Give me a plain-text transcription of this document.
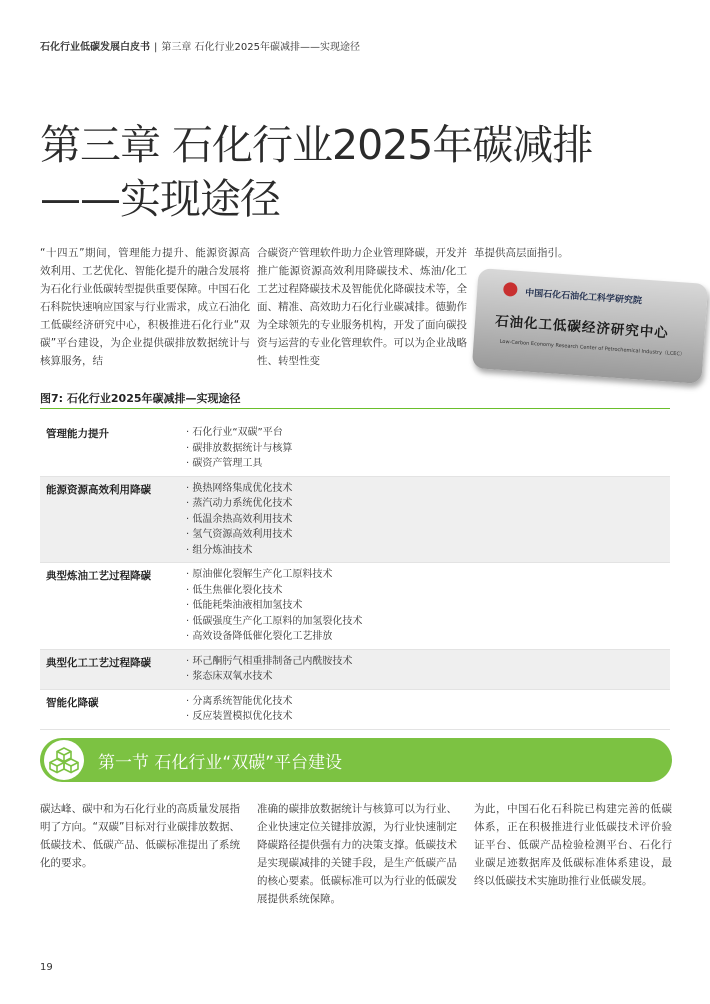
石化行业低碳发展白皮书 | 第三章 石化行业2025年碳减排——实现途径
第三章 石化行业2025年碳减排
——实现途径
“十四五”期间，管理能力提升、能源资源高效利用、工艺优化、智能化提升的融合发展将为石化行业低碳转型提供重要保障。中国石化石科院快速响应国家与行业需求，成立石油化工低碳经济研究中心，积极推进石化行业“双碳”平台建设，为企业提供碳排放数据统计与核算服务，结
合碳资产管理软件助力企业管理降碳，开发并推广能源资源高效利用降碳技术、炼油/化工工艺过程降碳技术及智能优化降碳技术等，全面、精准、高效助力石化行业碳减排。德勤作为全球领先的专业服务机构，开发了面向碳投资与运营的专业化管理软件。可以为企业战略性、转型性变
革提供高层面指引。
中国石化石油化工科学研究院
石油化工低碳经济研究中心
Low-Carbon Economy Research Center of Petrochemical Industry（LCEC）
图7: 石化行业2025年碳减排—实现途径
管理能力提升	· 石化行业“双碳”平台
· 碳排放数据统计与核算
· 碳资产管理工具
能源资源高效利用降碳	· 换热网络集成优化技术
· 蒸汽动力系统优化技术
· 低温余热高效利用技术
· 氢气资源高效利用技术
· 组分炼油技术
典型炼油工艺过程降碳	· 原油催化裂解生产化工原料技术
· 低生焦催化裂化技术
· 低能耗柴油液相加氢技术
· 低碳强度生产化工原料的加氢裂化技术
· 高效设备降低催化裂化工艺排放
典型化工工艺过程降碳	· 环己酮肟气相重排制备己内酰胺技术
· 浆态床双氧水技术
智能化降碳	· 分离系统智能优化技术
· 反应装置模拟优化技术
第一节 石化行业“双碳”平台建设
碳达峰、碳中和为石化行业的高质量发展指明了方向。“双碳”目标对行业碳排放数据、低碳技术、低碳产品、低碳标准提出了系统化的要求。
准确的碳排放数据统计与核算可以为行业、企业快速定位关键排放源，为行业快速制定降碳路径提供强有力的决策支撑。低碳技术是实现碳减排的关键手段，是生产低碳产品的核心要素。低碳标准可以为行业的低碳发展提供系统保障。
为此，中国石化石科院已构建完善的低碳体系，正在积极推进行业低碳技术评价验证平台、低碳产品检验检测平台、石化行业碳足迹数据库及低碳标准体系建设，最终以低碳技术实施助推行业低碳发展。
19
